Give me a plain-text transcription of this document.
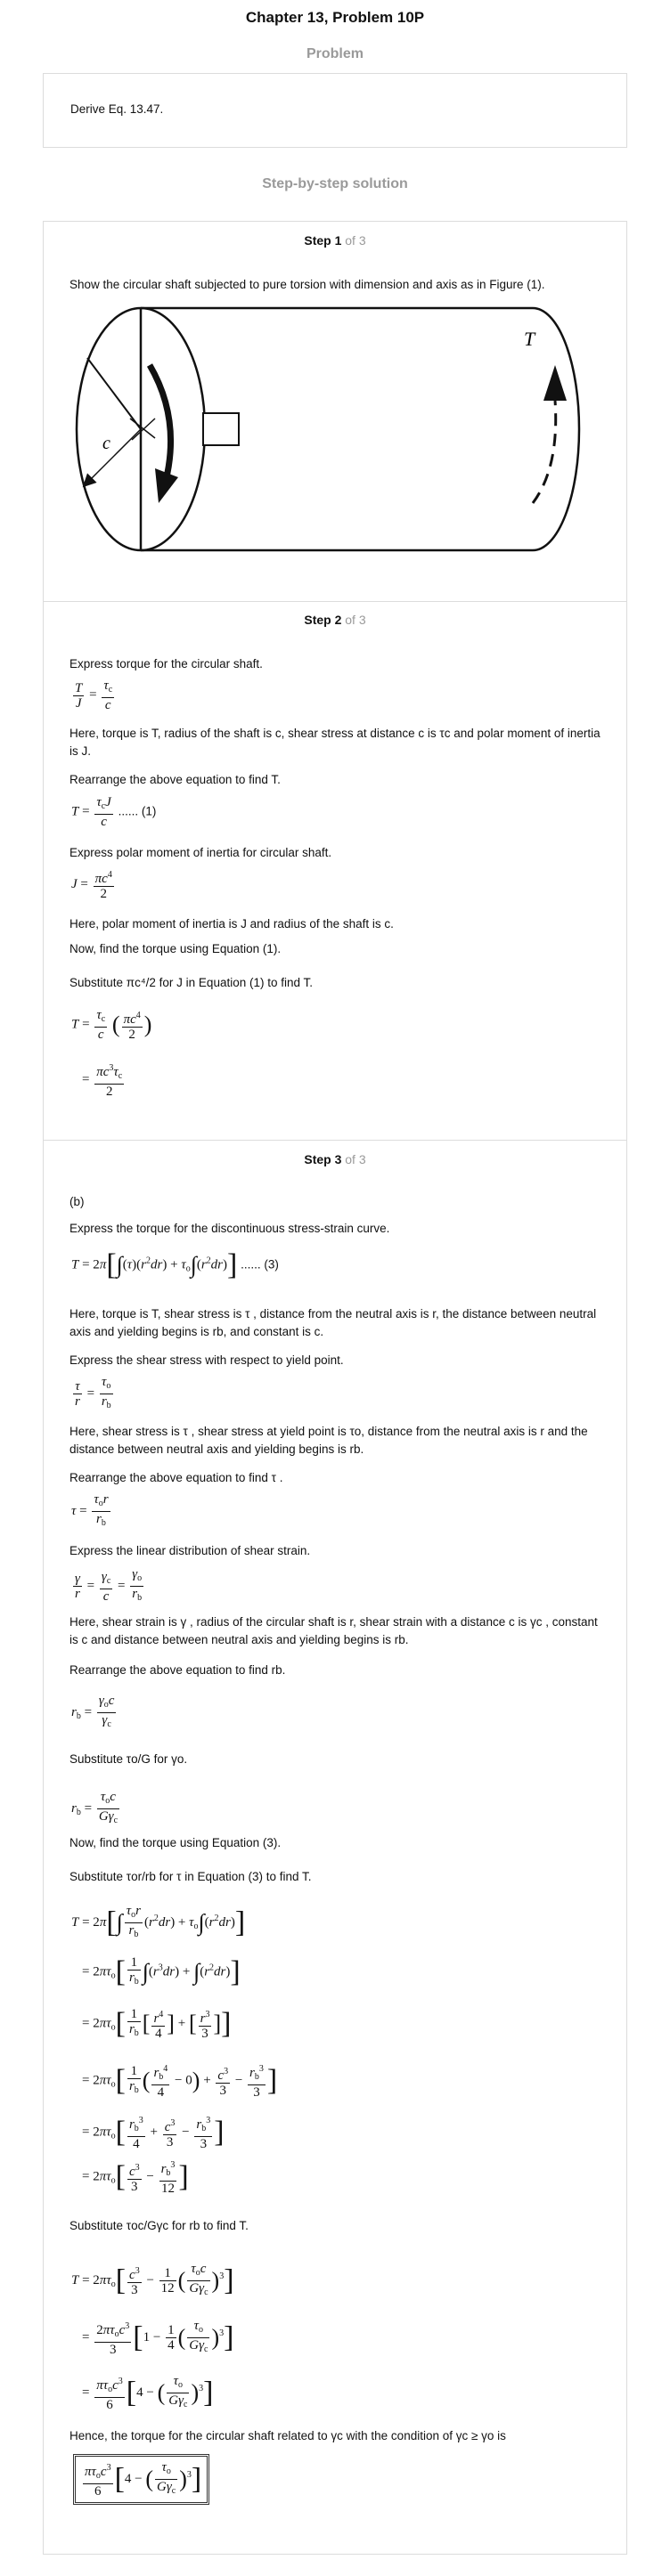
Chapter 13, Problem 10P
Problem
Derive Eq. 13.47.
Step-by-step solution
Step 1 of 3
Show the circular shaft subjected to pure torsion with dimension and axis as in Figure (1).
c
T
Step 2 of 3
Express torque for the circular shaft.
$\frac{T}{J} = \frac{\tau_c}{c}$
Here, torque is T, radius of the shaft is c, shear stress at distance c is τc and polar moment of inertia is J.
Rearrange the above equation to find T.
$T = \frac{\tau_cJ}{c}$ ...... (1)
Express polar moment of inertia for circular shaft.
$J = \frac{\pi c^4}{2}$
Here, polar moment of inertia is J and radius of the shaft is c.
Now, find the torque using Equation (1).
Substitute πc⁴/2 for J in Equation (1) to find T.
$T = \frac{\tau_c}{c}$ ( $\frac{\pi c^4}{2}$ )
= $\frac{\pi c^3\tau_c}{2}$
Step 3 of 3
(b)
Express the torque for the discontinuous stress-strain curve.
$T = 2\pi[\int(\tau)(r^2dr) + \tau_o\int(r^2dr)]$ ...... (3)
Here, torque is T, shear stress is τ , distance from the neutral axis is r, the distance between neutral axis and yielding begins is rb, and constant is c.
Express the shear stress with respect to yield point.
$\frac{\tau}{r} = \frac{\tau_o}{r_b}$
Here, shear stress is τ , shear stress at yield point is τo, distance from the neutral axis is r and the distance between neutral axis and yielding begins is rb.
Rearrange the above equation to find τ .
$\tau = \frac{\tau_or}{r_b}$
Express the linear distribution of shear strain.
$\frac{\gamma}{r} = \frac{\gamma_c}{c} = \frac{\gamma_o}{r_b}$
Here, shear strain is γ , radius of the circular shaft is r, shear strain with a distance c is γc , constant is c and distance between neutral axis and yielding begins is rb.
Rearrange the above equation to find rb.
$r_b = \frac{\gamma_oc}{\gamma_c}$
Substitute τo/G for γo.
$r_b = \frac{\tau_oc}{G\gamma_c}$
Now, find the torque using Equation (3).
Substitute τor/rb for τ in Equation (3) to find T.
$T = 2\pi[\int \frac{\tau_or}{r_b} (r^2dr) + \tau_o\int(r^2dr)]$
= $2\pi\tau_o[ \frac{1}{r_b} \int(r^3dr) + \int(r^2dr)]$
= $2\pi\tau_o[ \frac{1}{r_b}$ [ $\frac{r^4}{4}$ ] + [ $\frac{r^3}{3}$ ]]
= $2\pi\tau_o[ \frac{1}{r_b}$ ( $\frac{r_b^4}{4} - 0) + \frac{c^3}{3} - \frac{r_b^3}{3}$ ]
= $2\pi\tau_o[ \frac{r_b^3}{4} + \frac{c^3}{3} - \frac{r_b^3}{3}$ ]
= $2\pi\tau_o[ \frac{c^3}{3} - \frac{r_b^3}{12}$ ]
Substitute τoc/Gγc for rb to find T.
$T = 2\pi\tau_o[ \frac{c^3}{3} - \frac{1}{12}$ ( $\frac{\tau_oc}{G\gamma_c} )^3$]
= $\frac{2\pi\tau_oc^3}{3} [1 - \frac{1}{4}$ ( $\frac{\tau_o}{G\gamma_c} )^3$]
= $\frac{\pi\tau_oc^3}{6} [4$ − ( $\frac{\tau_o}{G\gamma_c} )^3$]
Hence, the torque for the circular shaft related to γc with the condition of γc ≥ γo is
$\frac{\pi\tau_oc^3}{6} [4$ − ( $\frac{\tau_o}{G\gamma_c} )^3$]
